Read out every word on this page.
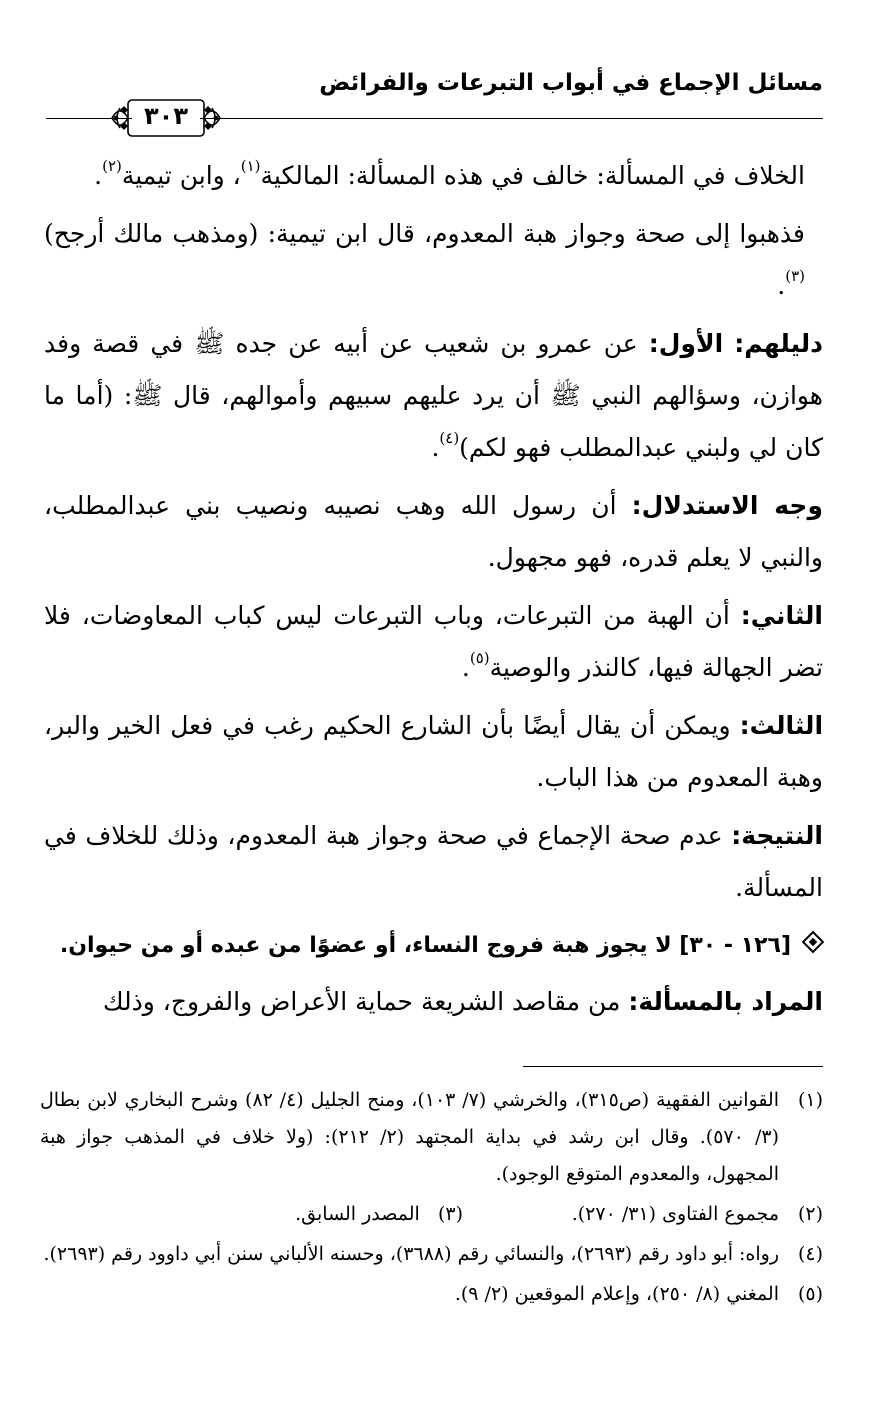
مسائل الإجماع في أبواب التبرعات والفرائض
٣٠٣

الخلاف في المسألة: خالف في هذه المسألة: المالكية$^{(١)}$، وابن تيمية$^{(٢)}$.

فذهبوا إلى صحة وجواز هبة المعدوم، قال ابن تيمية: (ومذهب مالك أرجح)$^{(٣)}$.

دليلهم: الأول: عن عمرو بن شعيب عن أبيه عن جده ﷺ في قصة وفد هوازن، وسؤالهم النبي ﷺ أن يرد عليهم سبيهم وأموالهم، قال ﷺ: (أما ما كان لي ولبني عبدالمطلب فهو لكم)$^{(٤)}$.

وجه الاستدلال: أن رسول الله وهب نصيبه ونصيب بني عبدالمطلب، والنبي لا يعلم قدره، فهو مجهول.

الثاني: أن الهبة من التبرعات، وباب التبرعات ليس كباب المعاوضات، فلا تضر الجهالة فيها، كالنذر والوصية$^{(٥)}$.

الثالث: ويمكن أن يقال أيضًا بأن الشارع الحكيم رغب في فعل الخير والبر، وهبة المعدوم من هذا الباب.

النتيجة: عدم صحة الإجماع في صحة وجواز هبة المعدوم، وذلك للخلاف في المسألة.

[١٢٦ - ٣٠] لا يجوز هبة فروج النساء، أو عضوًا من عبده أو من حيوان.

المراد بالمسألة: من مقاصد الشريعة حماية الأعراض والفروج، وذلك

(١)
القوانين الفقهية (ص٣١٥)، والخرشي (٧/ ١٠٣)، ومنح الجليل (٤/ ٨٢) وشرح البخاري لابن بطال (٣/ ٥٧٠). وقال ابن رشد في بداية المجتهد (٢/ ٢١٢): (ولا خلاف في المذهب جواز هبة المجهول، والمعدوم المتوقع الوجود).
(٢)
مجموع الفتاوى (٣١/ ٢٧٠).
(٣)   المصدر السابق.
(٤)
رواه: أبو داود رقم (٢٦٩٣)، والنسائي رقم (٣٦٨٨)، وحسنه الألباني سنن أبي داوود رقم (٢٦٩٣).
(٥)
المغني (٨/ ٢٥٠)، وإعلام الموقعين (٢/ ٩).
